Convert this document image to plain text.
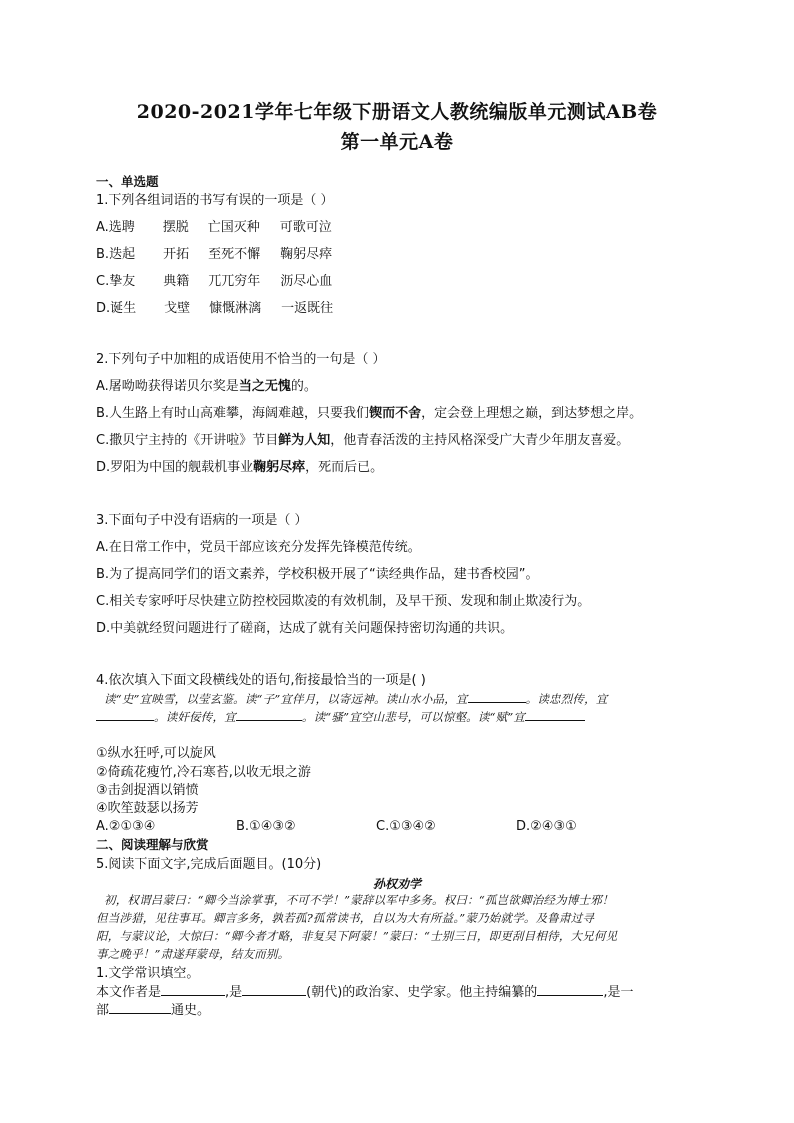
2020-2021学年七年级下册语文人教统编版单元测试AB卷
第一单元A卷
一、单选题
1.下列各组词语的书写有误的一项是（ ）
A.选聘 摆脱 亡国灭种 可歌可泣
B.迭起 开拓 至死不懈 鞠躬尽瘁
C.挚友 典籍 兀兀穷年 沥尽心血
D.诞生 戈壁 慷慨淋漓 一返既往
2.下列句子中加粗的成语使用不恰当的一句是（ ）
A.屠呦呦获得诺贝尔奖是当之无愧的。
B.人生路上有时山高难攀，海阔难越，只要我们锲而不舍，定会登上理想之巅，到达梦想之岸。
C.撒贝宁主持的《开讲啦》节目鲜为人知，他青春活泼的主持风格深受广大青少年朋友喜爱。
D.罗阳为中国的舰载机事业鞠躬尽瘁，死而后已。
3.下面句子中没有语病的一项是（ ）
A.在日常工作中，党员干部应该充分发挥先锋模范传统。
B.为了提高同学们的语文素养，学校积极开展了“读经典作品，建书香校园”。
C.相关专家呼吁尽快建立防控校园欺凌的有效机制，及早干预、发现和制止欺凌行为。
D.中美就经贸问题进行了磋商，达成了就有关问题保持密切沟通的共识。
4.依次填入下面文段横线处的语句,衔接最恰当的一项是( )
读“史”宜映雪，以莹玄鉴。读“子”宜伴月，以寄远神。读山水小品，宜	。读忠烈传，宜
。读奸佞传，宜	。读“骚”宜空山悲号，可以惊壑。读“赋”宜
①纵水狂呼,可以旋风
②倚疏花瘦竹,冷石寒苔,以收无垠之游
③击剑捉酒以销愤
④吹笙鼓瑟以扬芳
A.②①③④	B.①④③②	C.①③④②	D.②④③①
二、阅读理解与欣赏
5.阅读下面文字,完成后面题目。(10分)
孙权劝学
初，权谓吕蒙曰：“卿今当涂掌事，不可不学！”蒙辞以军中多务。权曰：“孤岂欲卿治经为博士邪！
但当涉猎，见往事耳。卿言多务，孰若孤?孤常读书，自以为大有所益。”蒙乃始就学。及鲁肃过寻
阳，与蒙议论，大惊曰：“卿今者才略，非复吴下阿蒙！”蒙曰：“士别三日，即更刮目相待，大兄何见
事之晚乎！”肃遂拜蒙母，结友而别。
1.文学常识填空。
本文作者是	,是	(朝代)的政治家、史学家。他主持编纂的	,是一
部	通史。
